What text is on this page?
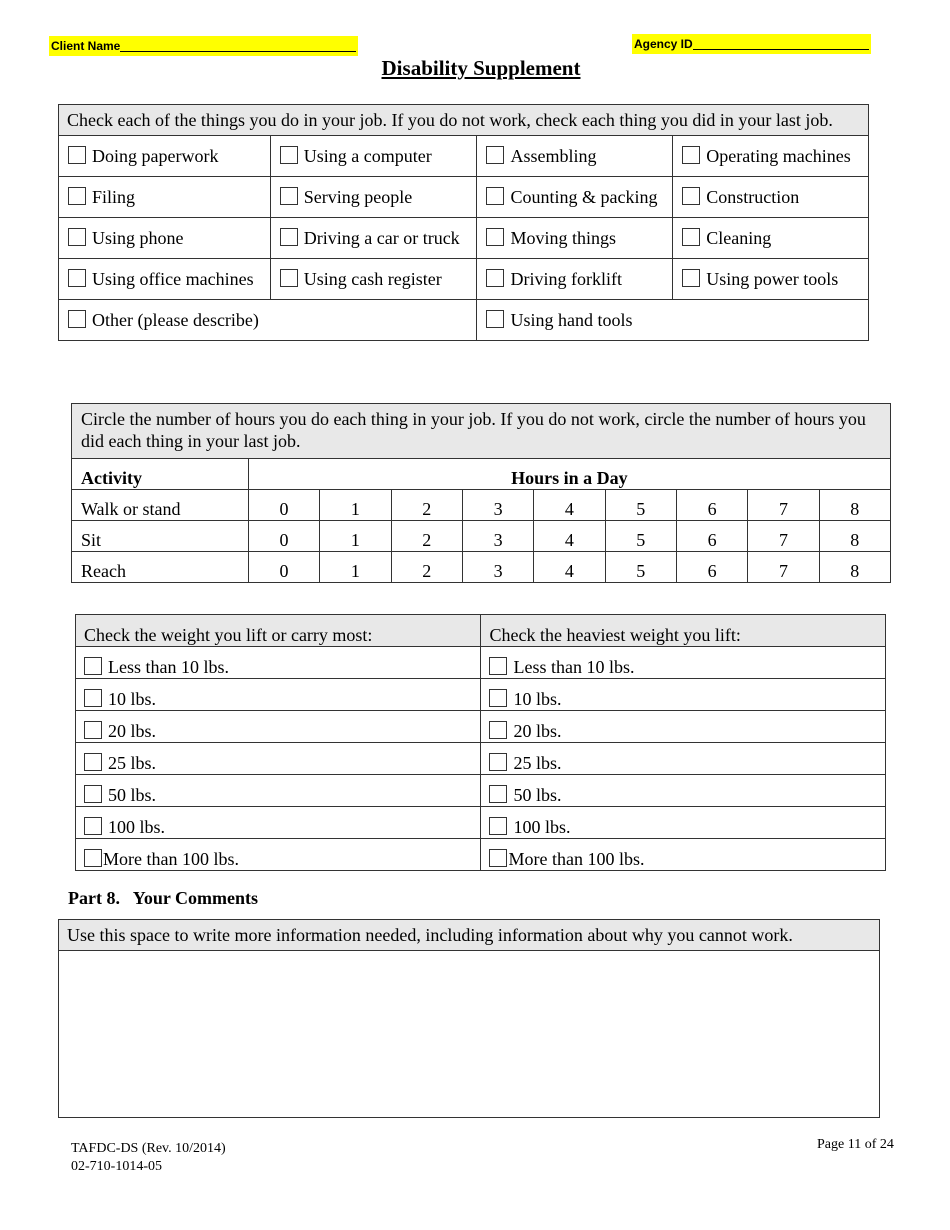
Client Name	Agency ID
Disability Supplement
Check each of the things you do in your job. If you do not work, check each thing you did in your last job.			
Doing paperwork	Using a computer	Assembling	Operating machines
Filing	Serving people	Counting & packing	Construction
Using phone	Driving a car or truck	Moving things	Cleaning
Using office machines	Using cash register	Driving forklift	Using power tools
Other (please describe)		Using hand tools	
Circle the number of hours you do each thing in your job. If you do not work, circle the number of hours you did each thing in your last job.									
Activity	Hours in a Day								
Walk or stand	0	1	2	3	4	5	6	7	8
Sit	0	1	2	3	4	5	6	7	8
Reach	0	1	2	3	4	5	6	7	8
Check the weight you lift or carry most:	Check the heaviest weight you lift:
Less than 10 lbs.	Less than 10 lbs.
10 lbs.	10 lbs.
20 lbs.	20 lbs.
25 lbs.	25 lbs.
50 lbs.	50 lbs.
100 lbs.	100 lbs.
More than 100 lbs.	More than 100 lbs.
Part 8.   Your Comments
Use this space to write more information needed, including information about why you cannot work.

TAFDC-DS (Rev. 10/2014)
02-710-1014-05
Page 11 of 24
